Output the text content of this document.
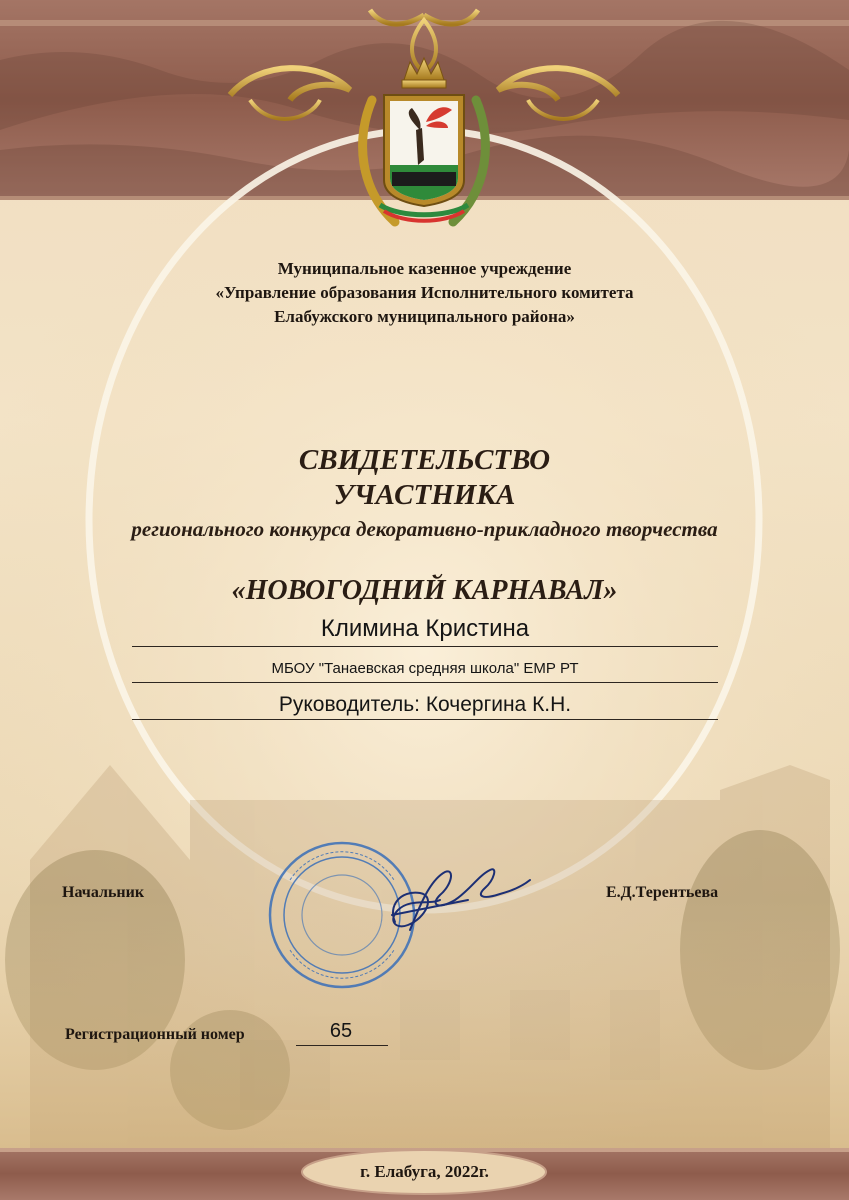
Муниципальное казенное учреждение
«Управление образования Исполнительного комитета
Елабужского муниципального района»
СВИДЕТЕЛЬСТВО
УЧАСТНИКА
регионального конкурса декоративно-прикладного творчества
«НОВОГОДНИЙ КАРНАВАЛ»
Климина Кристина
МБОУ "Танаевская средняя школа" ЕМР РТ
Руководитель: Кочергина К.Н.
Начальник	Е.Д.Терентьева
Регистрационный номер	65
г. Елабуга, 2022г.
